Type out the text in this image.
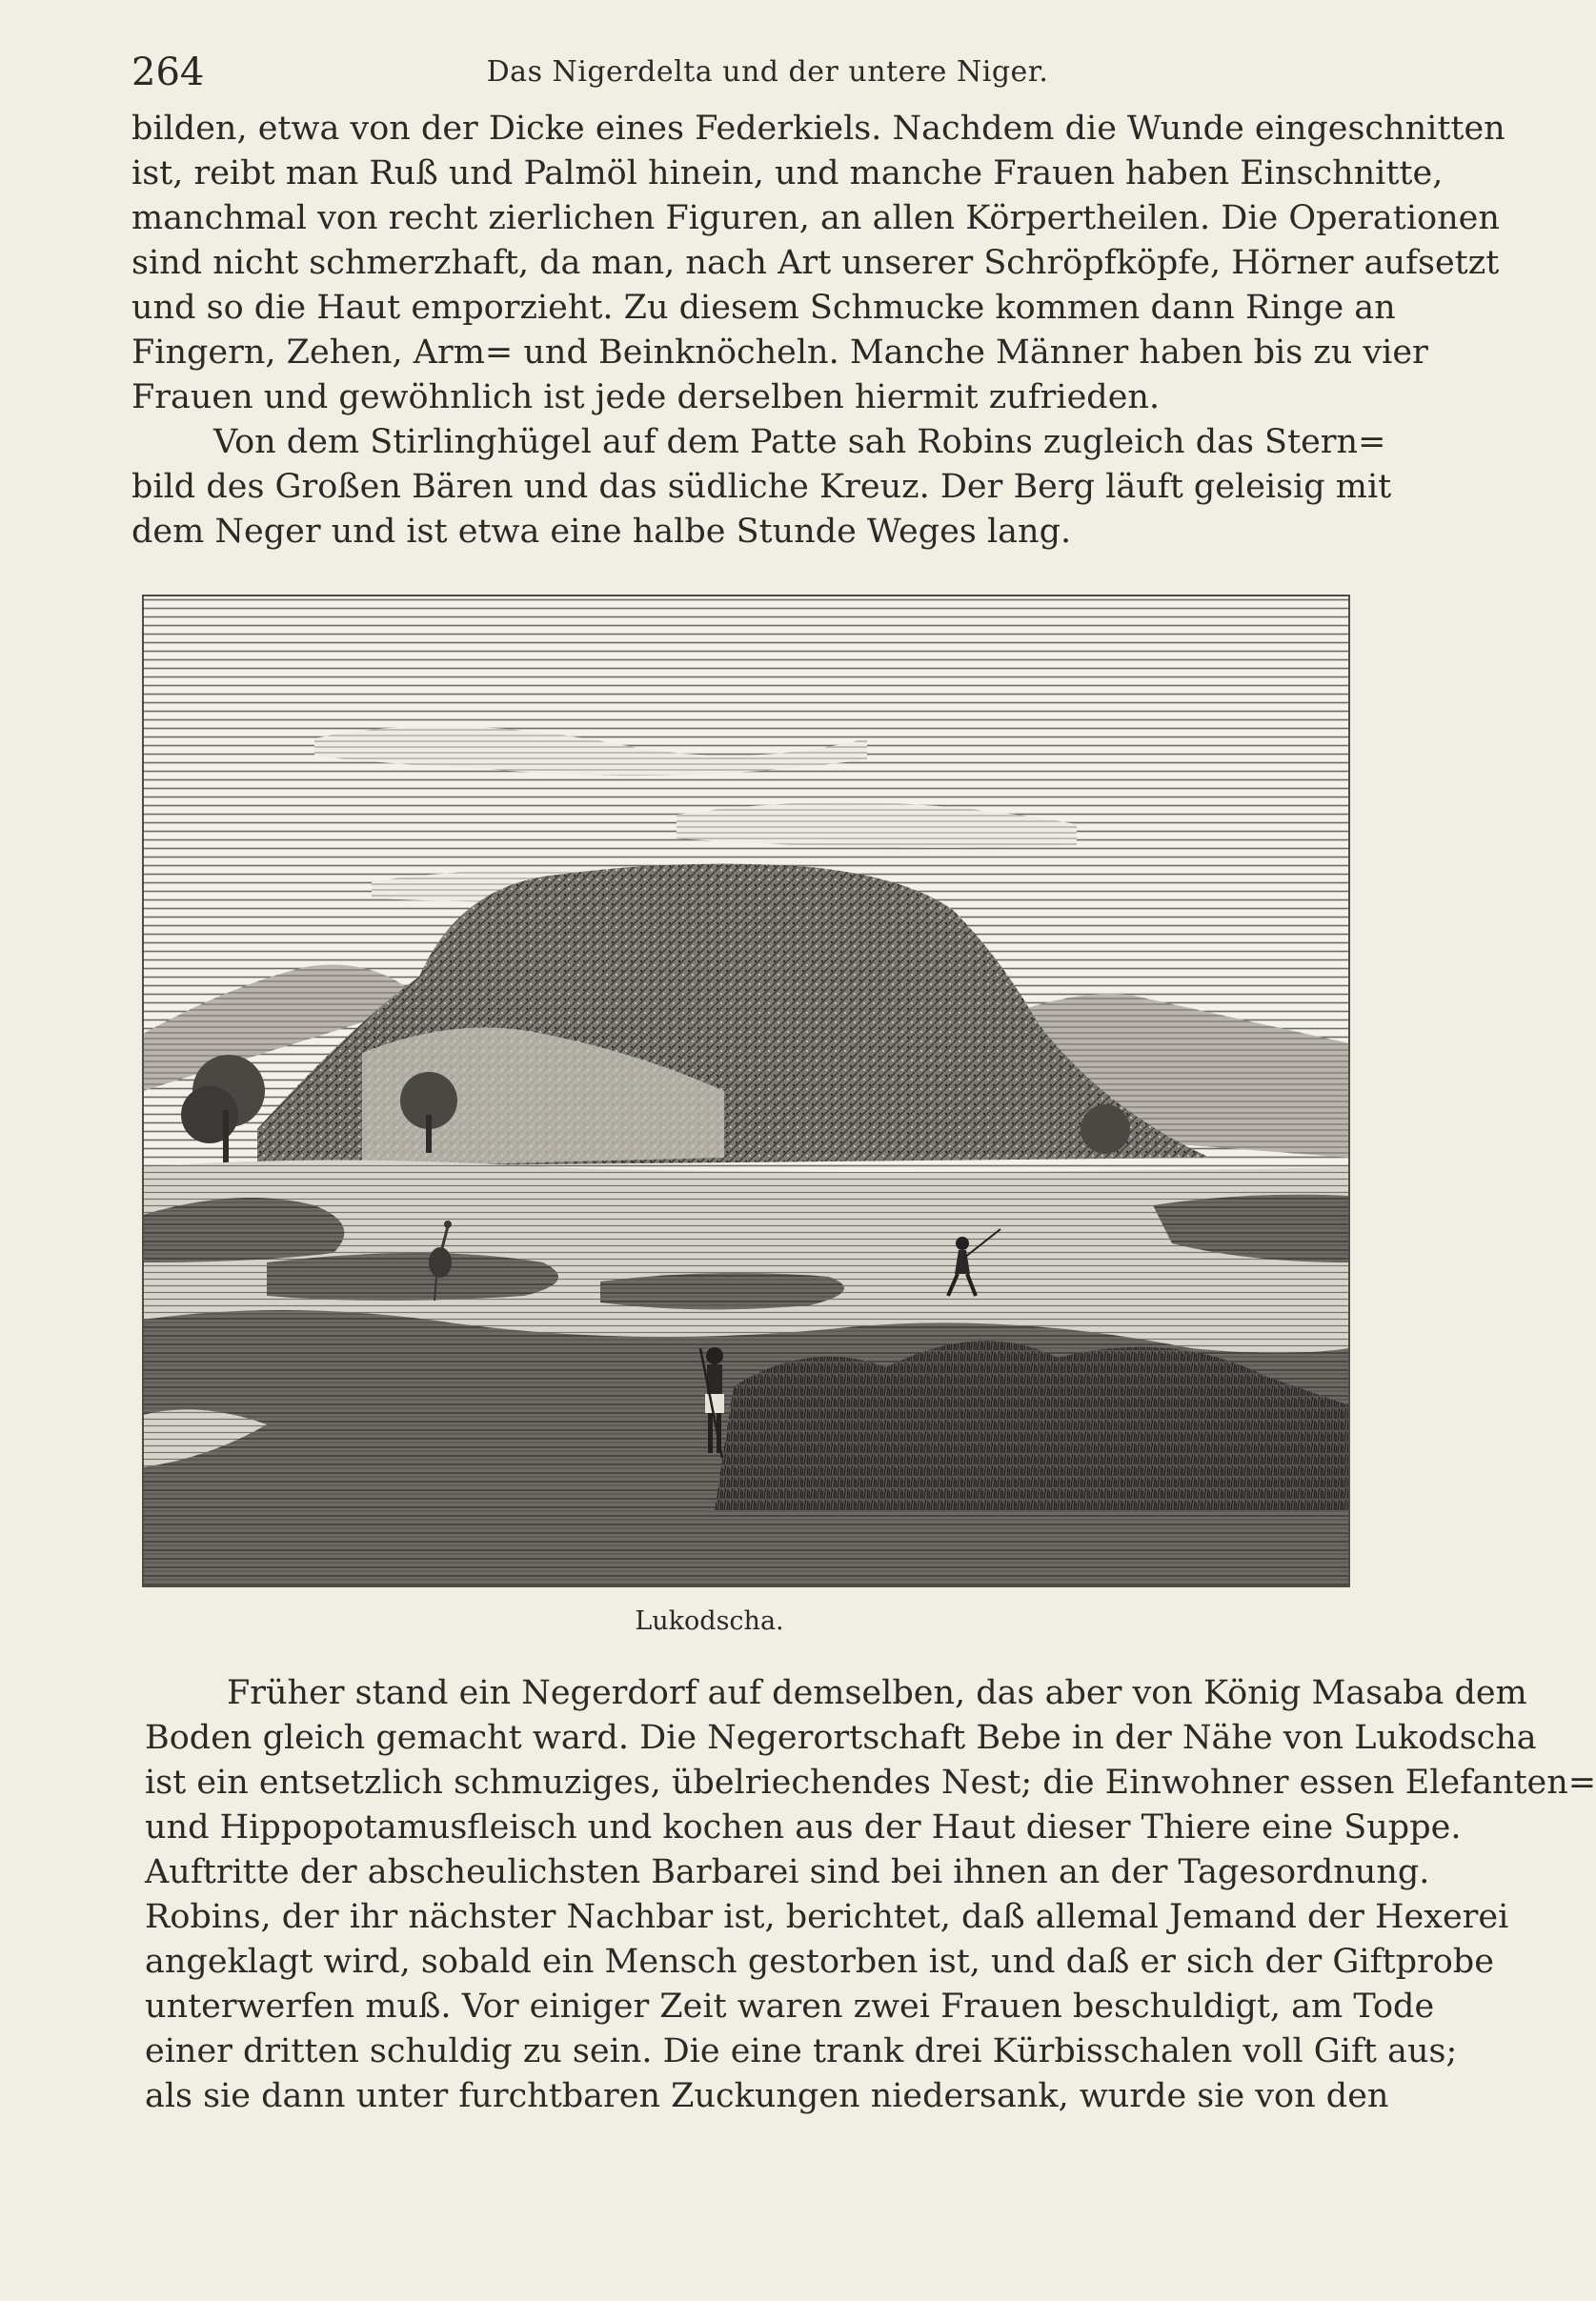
264	Das Nigerdelta und der untere Niger.
bilden, etwa von der Dicke eines Federkiels. Nachdem die Wunde eingeschnitten
ist, reibt man Ruß und Palmöl hinein, und manche Frauen haben Einschnitte,
manchmal von recht zierlichen Figuren, an allen Körpertheilen. Die Operationen
sind nicht schmerzhaft, da man, nach Art unserer Schröpfköpfe, Hörner aufsetzt
und so die Haut emporzieht. Zu diesem Schmucke kommen dann Ringe an
Fingern, Zehen, Arm= und Beinknöcheln. Manche Männer haben bis zu vier
Frauen und gewöhnlich ist jede derselben hiermit zufrieden.
Von dem Stirlinghügel auf dem Patte sah Robins zugleich das Stern=
bild des Großen Bären und das südliche Kreuz. Der Berg läuft geleisig mit
dem Neger und ist etwa eine halbe Stunde Weges lang.
Lukodscha.
Früher stand ein Negerdorf auf demselben, das aber von König Masaba dem
Boden gleich gemacht ward. Die Negerortschaft Bebe in der Nähe von Lukodscha
ist ein entsetzlich schmuziges, übelriechendes Nest; die Einwohner essen Elefanten=
und Hippopotamusfleisch und kochen aus der Haut dieser Thiere eine Suppe.
Auftritte der abscheulichsten Barbarei sind bei ihnen an der Tagesordnung.
Robins, der ihr nächster Nachbar ist, berichtet, daß allemal Jemand der Hexerei
angeklagt wird, sobald ein Mensch gestorben ist, und daß er sich der Giftprobe
unterwerfen muß. Vor einiger Zeit waren zwei Frauen beschuldigt, am Tode
einer dritten schuldig zu sein. Die eine trank drei Kürbisschalen voll Gift aus;
als sie dann unter furchtbaren Zuckungen niedersank, wurde sie von den
